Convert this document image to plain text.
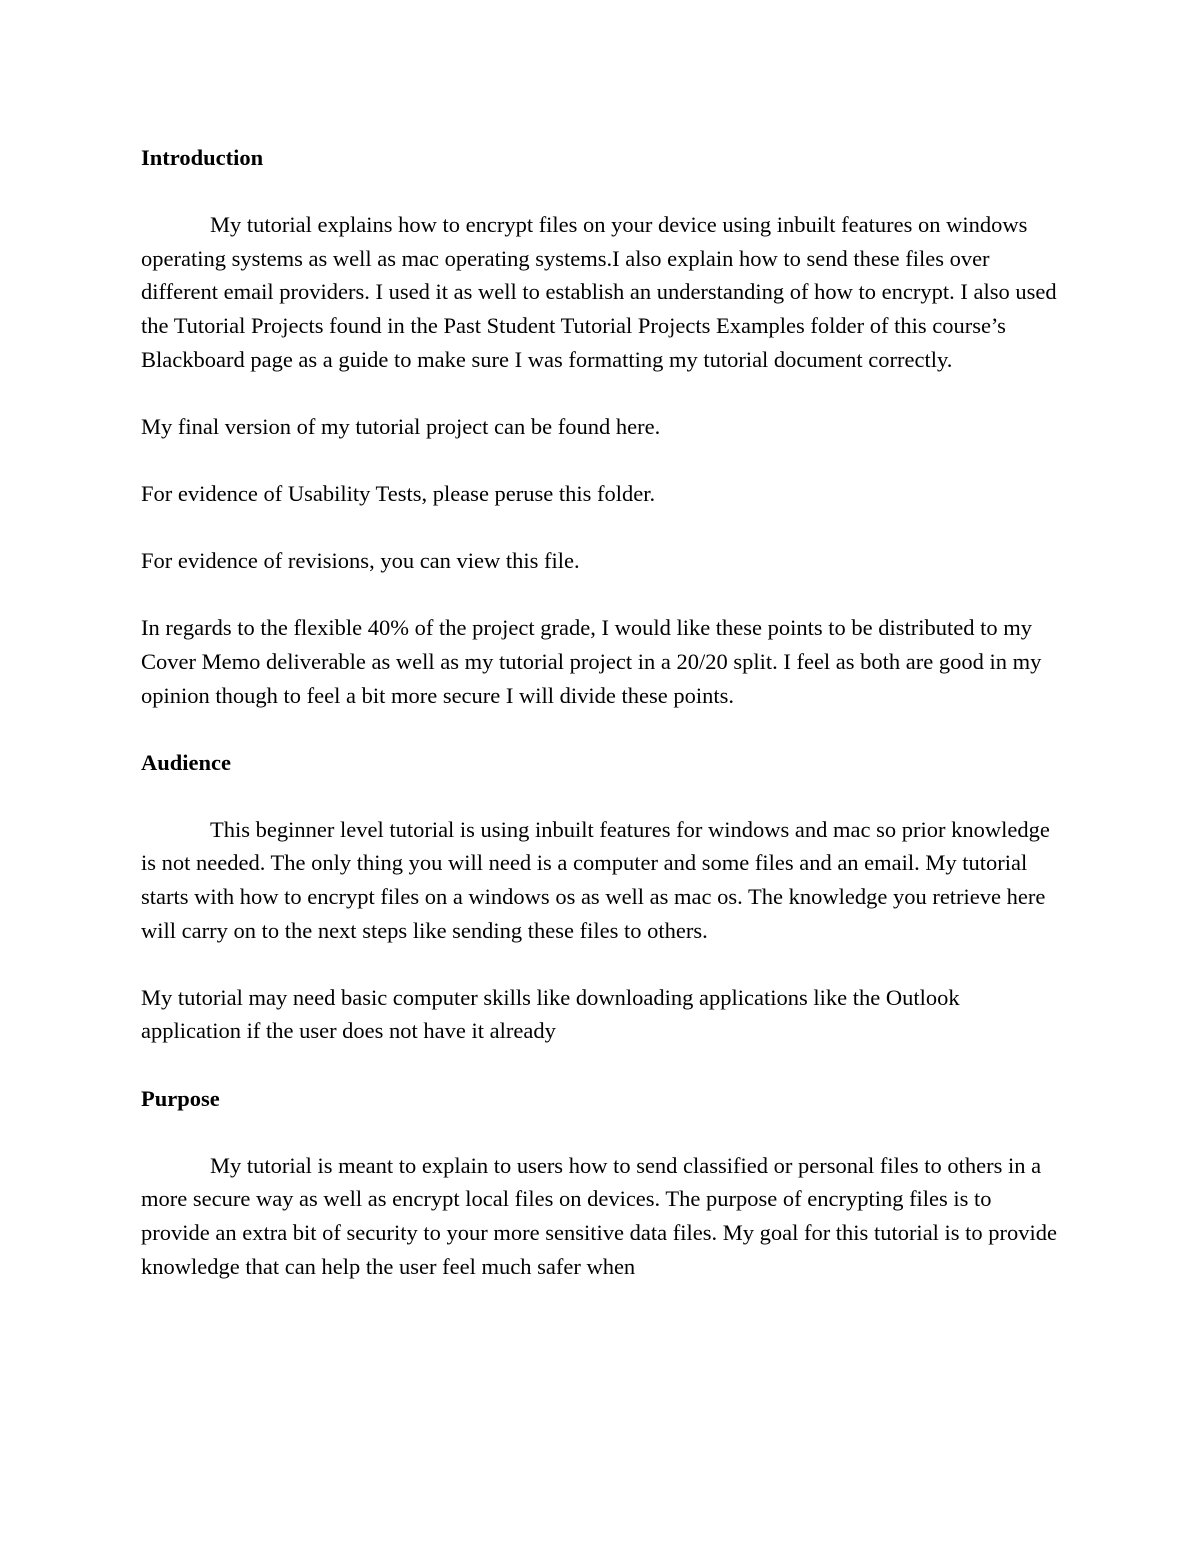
Introduction

My tutorial explains how to encrypt files on your device using inbuilt features on windows operating systems as well as mac operating systems.I also explain how to send these files over different email providers. I used it as well to establish an understanding of how to encrypt. I also used the Tutorial Projects found in the Past Student Tutorial Projects Examples folder of this course’s Blackboard page as a guide to make sure I was formatting my tutorial document correctly.

My final version of my tutorial project can be found here.

For evidence of Usability Tests, please peruse this folder.

For evidence of revisions, you can view this file.

In regards to the flexible 40% of the project grade, I would like these points to be distributed to my Cover Memo deliverable as well as my tutorial project in a 20/20 split. I feel as both are good in my opinion though to feel a bit more secure I will divide these points.

Audience

This beginner level tutorial is using inbuilt features for windows and mac so prior knowledge is not needed. The only thing you will need is a computer and some files and an email. My tutorial starts with how to encrypt files on a windows os as well as mac os. The knowledge you retrieve here will carry on to the next steps like sending these files to others.

My tutorial may need basic computer skills like downloading applications like the Outlook application if the user does not have it already

Purpose

My tutorial is meant to explain to users how to send classified or personal files to others in a more secure way as well as encrypt local files on devices. The purpose of encrypting files is to provide an extra bit of security to your more sensitive data files. My goal for this tutorial is to provide knowledge that can help the user feel much safer when
